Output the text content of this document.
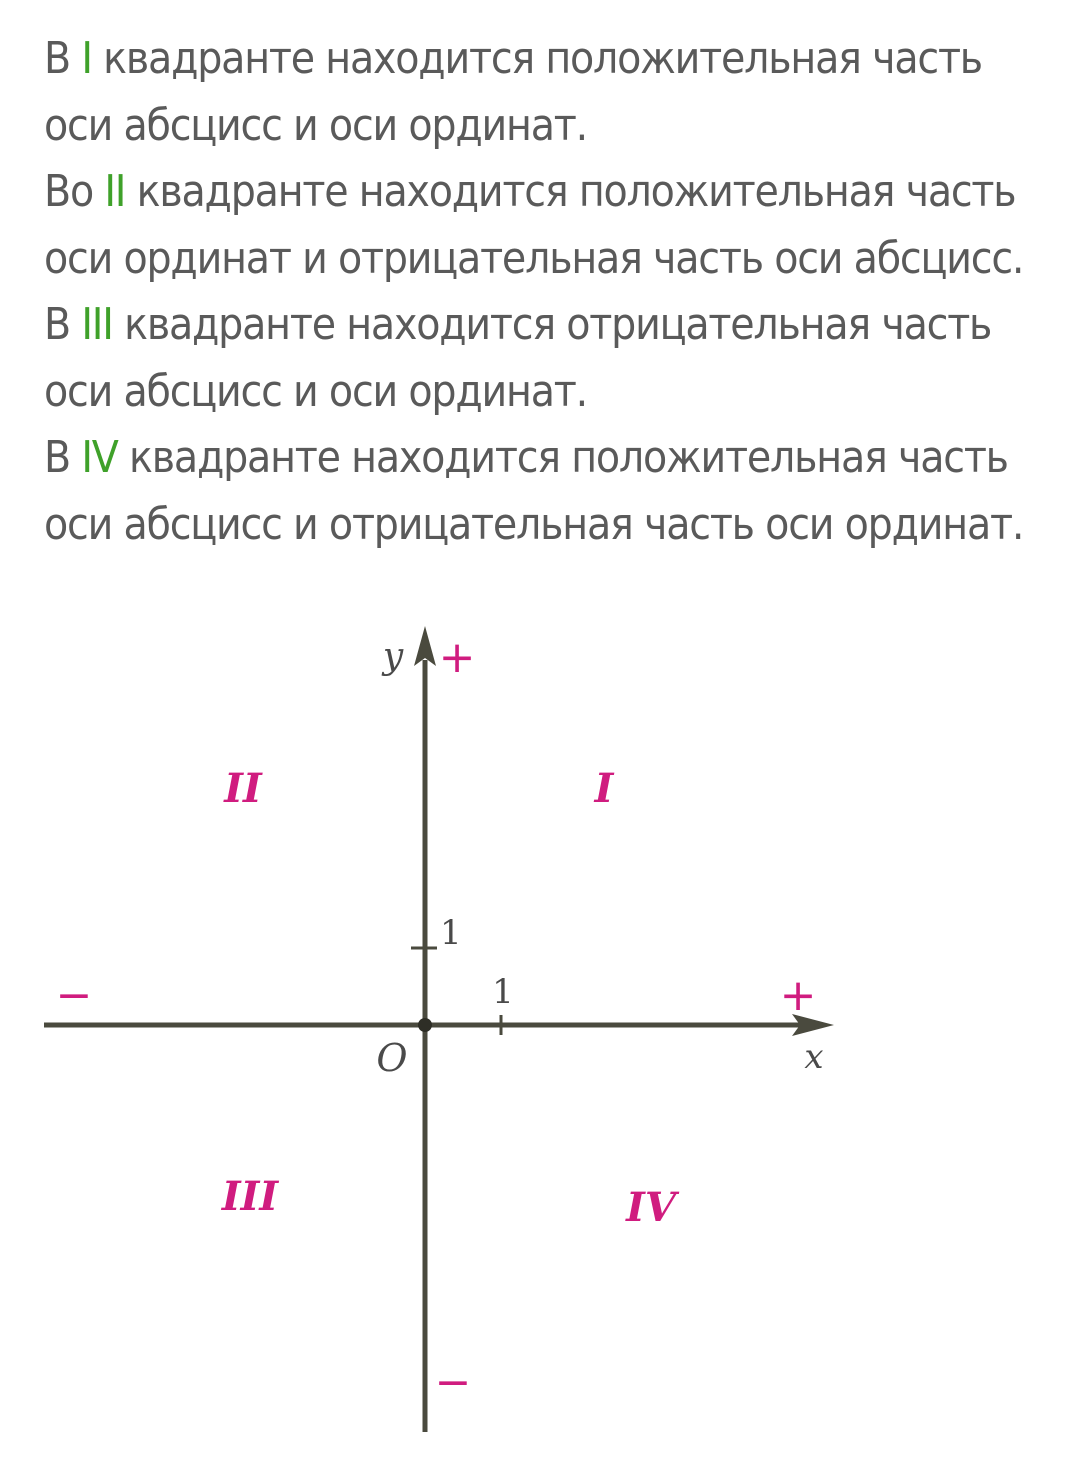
В I квадранте находится положительная часть
оси абсцисс и оси ординат.

Во II квадранте находится положительная часть
оси ординат и отрицательная часть оси абсцисс.

В III квадранте находится отрицательная часть
оси абсцисс и оси ординат.

В IV квадранте находится положительная часть
оси абсцисс и отрицательная часть оси ординат.

1
1
y
x
O
+
+
−
−
I
II
III	IV
